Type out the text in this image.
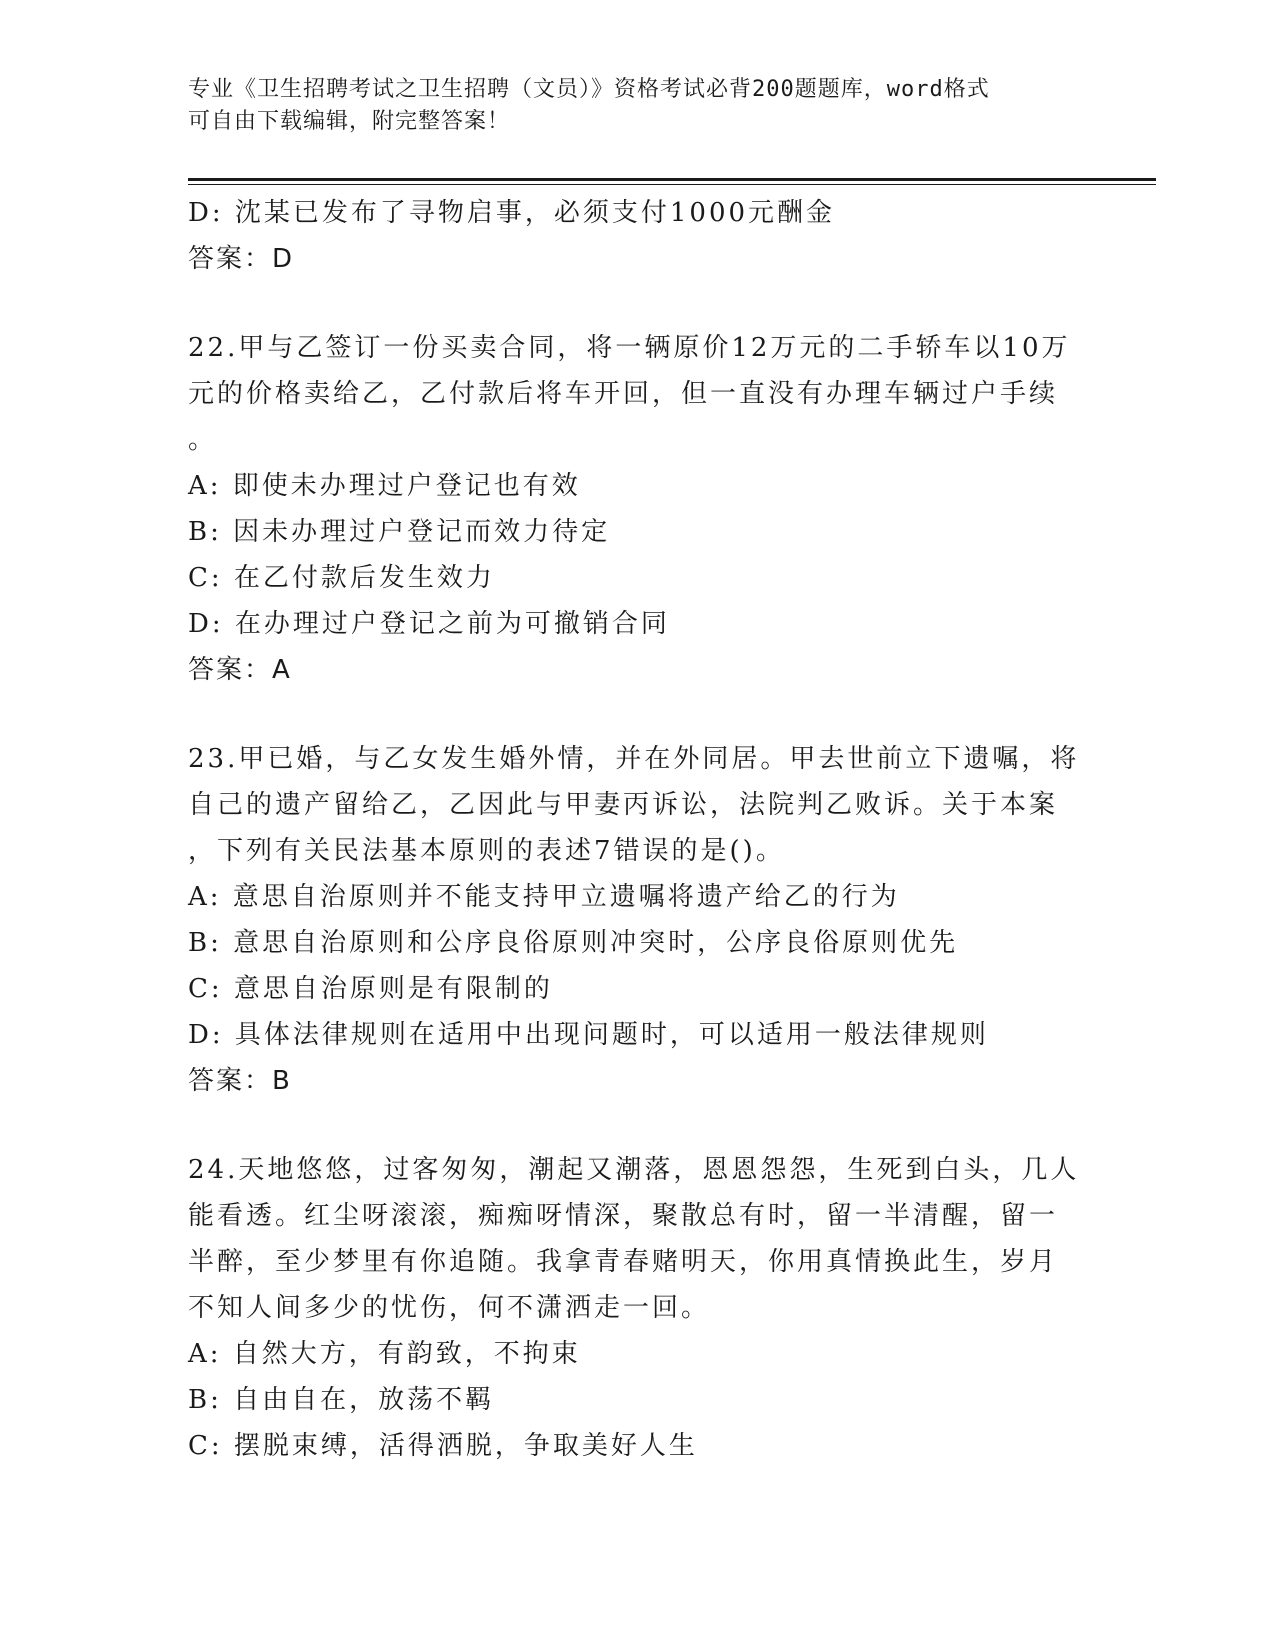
专业《卫生招聘考试之卫生招聘（文员）》资格考试必背200题题库，word格式
可自由下载编辑，附完整答案！
D: 沈某已发布了寻物启事，必须支付1000元酬金
答案：D
22.甲与乙签订一份买卖合同，将一辆原价12万元的二手轿车以10万
元的价格卖给乙，乙付款后将车开回，但一直没有办理车辆过户手续
。
A: 即使未办理过户登记也有效
B: 因未办理过户登记而效力待定
C: 在乙付款后发生效力
D: 在办理过户登记之前为可撤销合同
答案：A
23.甲已婚，与乙女发生婚外情，并在外同居。甲去世前立下遗嘱，将
自己的遗产留给乙，乙因此与甲妻丙诉讼，法院判乙败诉。关于本案
，下列有关民法基本原则的表述7错误的是()。
A: 意思自治原则并不能支持甲立遗嘱将遗产给乙的行为
B: 意思自治原则和公序良俗原则冲突时，公序良俗原则优先
C: 意思自治原则是有限制的
D: 具体法律规则在适用中出现问题时，可以适用一般法律规则
答案：B
24.天地悠悠，过客匆匆，潮起又潮落，恩恩怨怨，生死到白头，几人
能看透。红尘呀滚滚，痴痴呀情深，聚散总有时，留一半清醒，留一
半醉，至少梦里有你追随。我拿青春赌明天，你用真情换此生，岁月
不知人间多少的忧伤，何不潇洒走一回。
A: 自然大方，有韵致，不拘束
B: 自由自在，放荡不羁
C: 摆脱束缚，活得洒脱，争取美好人生
